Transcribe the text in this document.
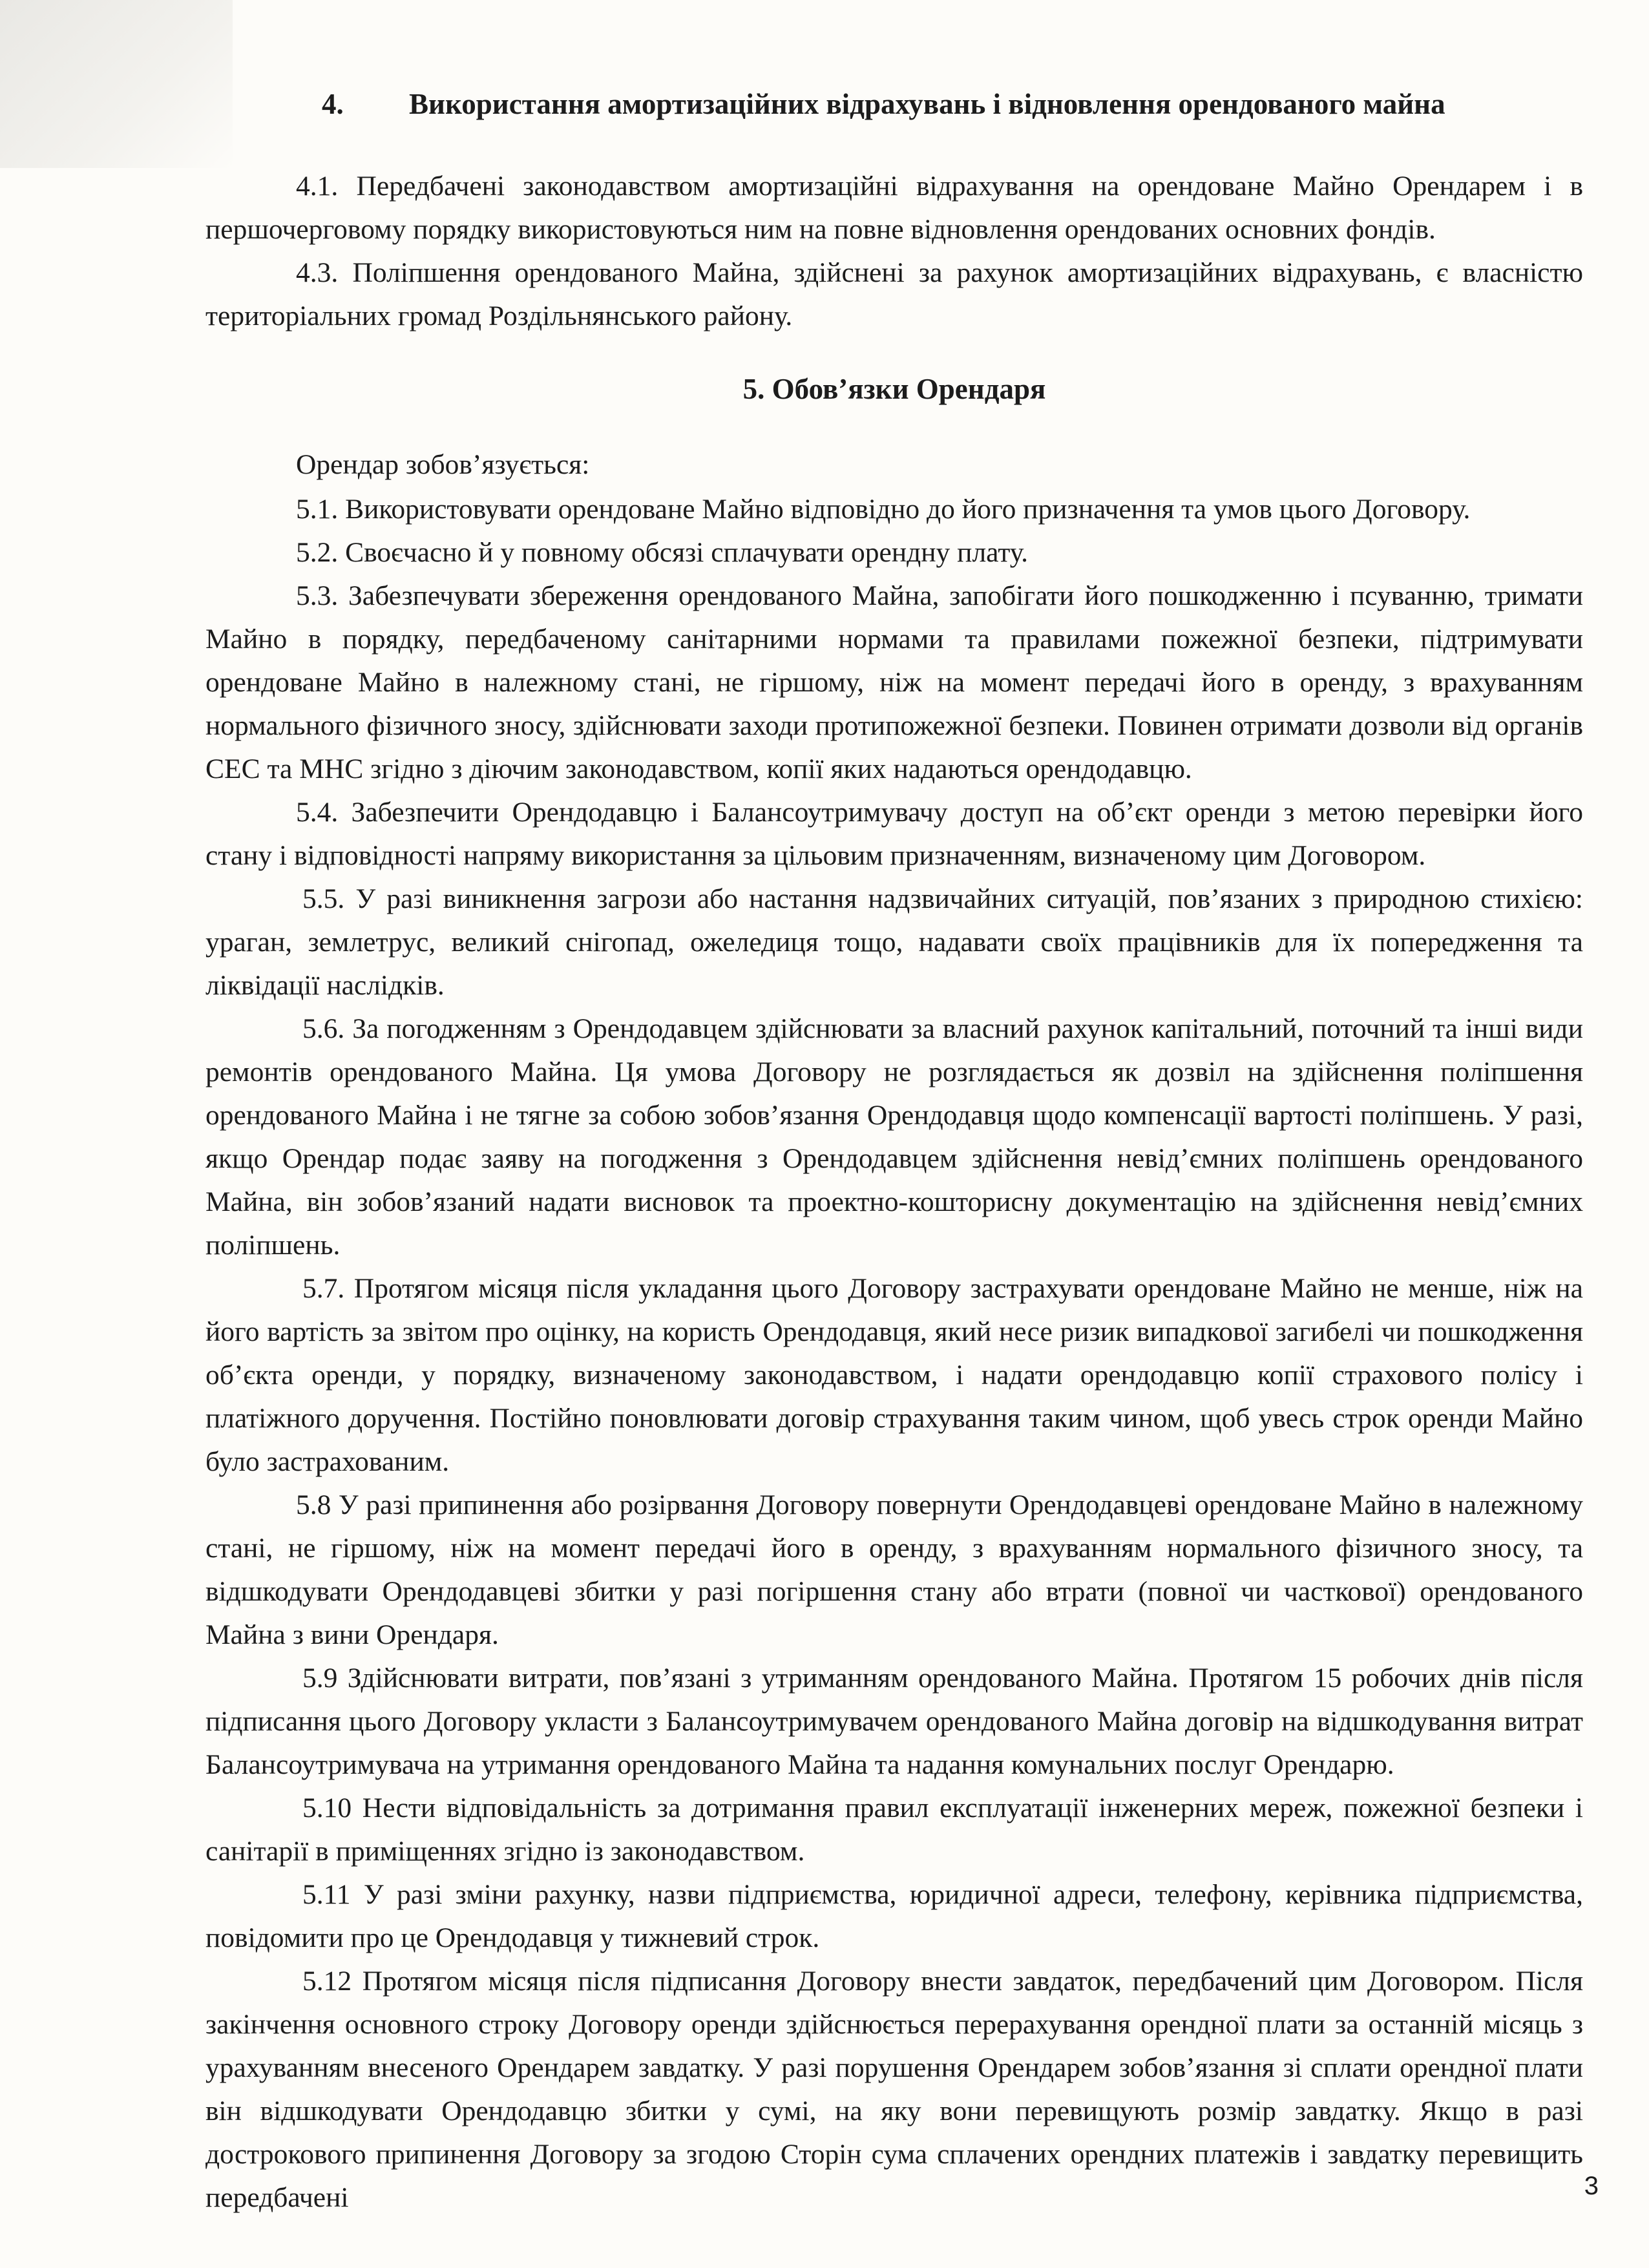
4. Використання амортизаційних відрахувань і відновлення орендованого майна

4.1. Передбачені законодавством амортизаційні відрахування на орендоване Майно Орендарем і в першочерговому порядку використовуються ним на повне відновлення орендованих основних фондів.

4.3. Поліпшення орендованого Майна, здійснені за рахунок амортизаційних відрахувань, є власністю територіальних громад Роздільнянського району.

5. Обов’язки Орендаря

Орендар зобов’язується:

5.1. Використовувати орендоване Майно відповідно до його призначення та умов цього Договору.

5.2. Своєчасно й у повному обсязі сплачувати орендну плату.

5.3. Забезпечувати збереження орендованого Майна, запобігати його пошкодженню і псуванню, тримати Майно в порядку, передбаченому санітарними нормами та правилами пожежної безпеки, підтримувати орендоване Майно в належному стані, не гіршому, ніж на момент передачі його в оренду, з врахуванням нормального фізичного зносу, здійснювати заходи протипожежної безпеки. Повинен отримати дозволи від органів СЕС та МНС згідно з діючим законодавством, копії яких надаються орендодавцю.

5.4. Забезпечити Орендодавцю і Балансоутримувачу доступ на об’єкт оренди з метою перевірки його стану і відповідності напряму використання за цільовим призначенням, визначеному цим Договором.

5.5. У разі виникнення загрози або настання надзвичайних ситуацій, пов’язаних з природною стихією: ураган, землетрус, великий снігопад, ожеледиця тощо, надавати своїх працівників для їх попередження та ліквідації наслідків.

5.6. За погодженням з Орендодавцем здійснювати за власний рахунок капітальний, поточний та інші види ремонтів орендованого Майна. Ця умова Договору не розглядається як дозвіл на здійснення поліпшення орендованого Майна і не тягне за собою зобов’язання Орендодавця щодо компенсації вартості поліпшень. У разі, якщо Орендар подає заяву на погодження з Орендодавцем здійснення невід’ємних поліпшень орендованого Майна, він зобов’язаний надати висновок та проектно-кошторисну документацію на здійснення невід’ємних поліпшень.

5.7. Протягом місяця після укладання цього Договору застрахувати орендоване Майно не менше, ніж на його вартість за звітом про оцінку, на користь Орендодавця, який несе ризик випадкової загибелі чи пошкодження об’єкта оренди, у порядку, визначеному законодавством, і надати орендодавцю копії страхового полісу і платіжного доручення. Постійно поновлювати договір страхування таким чином, щоб увесь строк оренди Майно було застрахованим.

5.8 У разі припинення або розірвання Договору повернути Орендодавцеві орендоване Майно в належному стані, не гіршому, ніж на момент передачі його в оренду, з врахуванням нормального фізичного зносу, та відшкодувати Орендодавцеві збитки у разі погіршення стану або втрати (повної чи часткової) орендованого Майна з вини Орендаря.

5.9 Здійснювати витрати, пов’язані з утриманням орендованого Майна. Протягом 15 робочих днів після підписання цього Договору укласти з Балансоутримувачем орендованого Майна договір на відшкодування витрат Балансоутримувача на утримання орендованого Майна та надання комунальних послуг Орендарю.

5.10 Нести відповідальність за дотримання правил експлуатації інженерних мереж, пожежної безпеки і санітарії в приміщеннях згідно із законодавством.

5.11 У разі зміни рахунку, назви підприємства, юридичної адреси, телефону, керівника підприємства, повідомити про це Орендодавця у тижневий строк.

5.12 Протягом місяця після підписання Договору внести завдаток, передбачений цим Договором. Після закінчення основного строку Договору оренди здійснюється перерахування орендної плати за останній місяць з урахуванням внесеного Орендарем завдатку. У разі порушення Орендарем зобов’язання зі сплати орендної плати він відшкодувати Орендодавцю збитки у сумі, на яку вони перевищують розмір завдатку. Якщо в разі дострокового припинення Договору за згодою Сторін сума сплачених орендних платежів і завдатку перевищить передбачені	3
